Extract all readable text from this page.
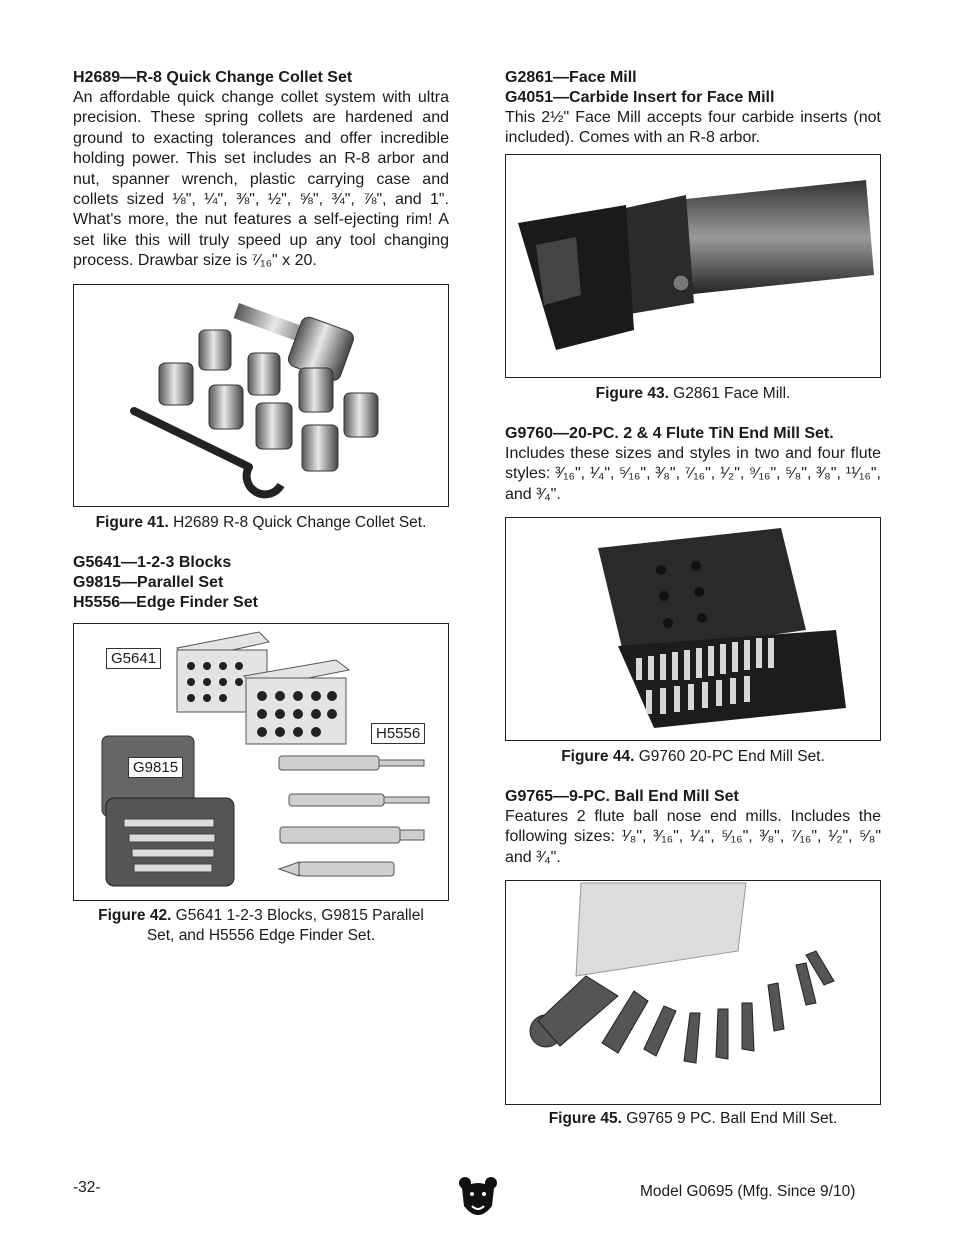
H2689—R-8 Quick Change Collet Set

An affordable quick change collet system with ultra precision. These spring collets are hardened and ground to exacting tolerances and offer incredible holding power. This set includes an R-8 arbor and nut, spanner wrench, plastic carrying case and collets sized ⅛", ¼", ⅜", ½", ⅝", ¾", ⅞", and 1". What's more, the nut features a self-ejecting rim! A set like this will truly speed up any tool changing process. Drawbar size is ⁷⁄₁₆" x 20.

Figure 41. H2689 R-8 Quick Change Collet Set.

G5641—1-2-3 Blocks

G9815—Parallel Set

H5556—Edge Finder Set

G5641
H5556
G9815

Figure 42. G5641 1-2-3 Blocks, G9815 Parallel
Set, and H5556 Edge Finder Set.

G2861—Face Mill

G4051—Carbide Insert for Face Mill

This 2½" Face Mill accepts four carbide inserts (not included). Comes with an R-8 arbor.

Figure 43. G2861 Face Mill.

G9760—20-PC. 2 & 4 Flute TiN End Mill Set.

Includes these sizes and styles in two and four flute styles: ³⁄₁₆", ¹⁄₄", ⁵⁄₁₆", ³⁄₈", ⁷⁄₁₆", ¹⁄₂", ⁹⁄₁₆", ⁵⁄₈", ³⁄₈", ¹¹⁄₁₆", and ³⁄₄".

Figure 44. G9760 20-PC End Mill Set.

G9765—9-PC. Ball End Mill Set

Features 2 flute ball nose end mills. Includes the following sizes: ¹⁄₈", ³⁄₁₆", ¹⁄₄", ⁵⁄₁₆", ³⁄₈", ⁷⁄₁₆", ¹⁄₂", ⁵⁄₈" and ³⁄₄".

Figure 45. G9765 9 PC. Ball End Mill Set.

-32-	Model G0695 (Mfg. Since 9/10)
